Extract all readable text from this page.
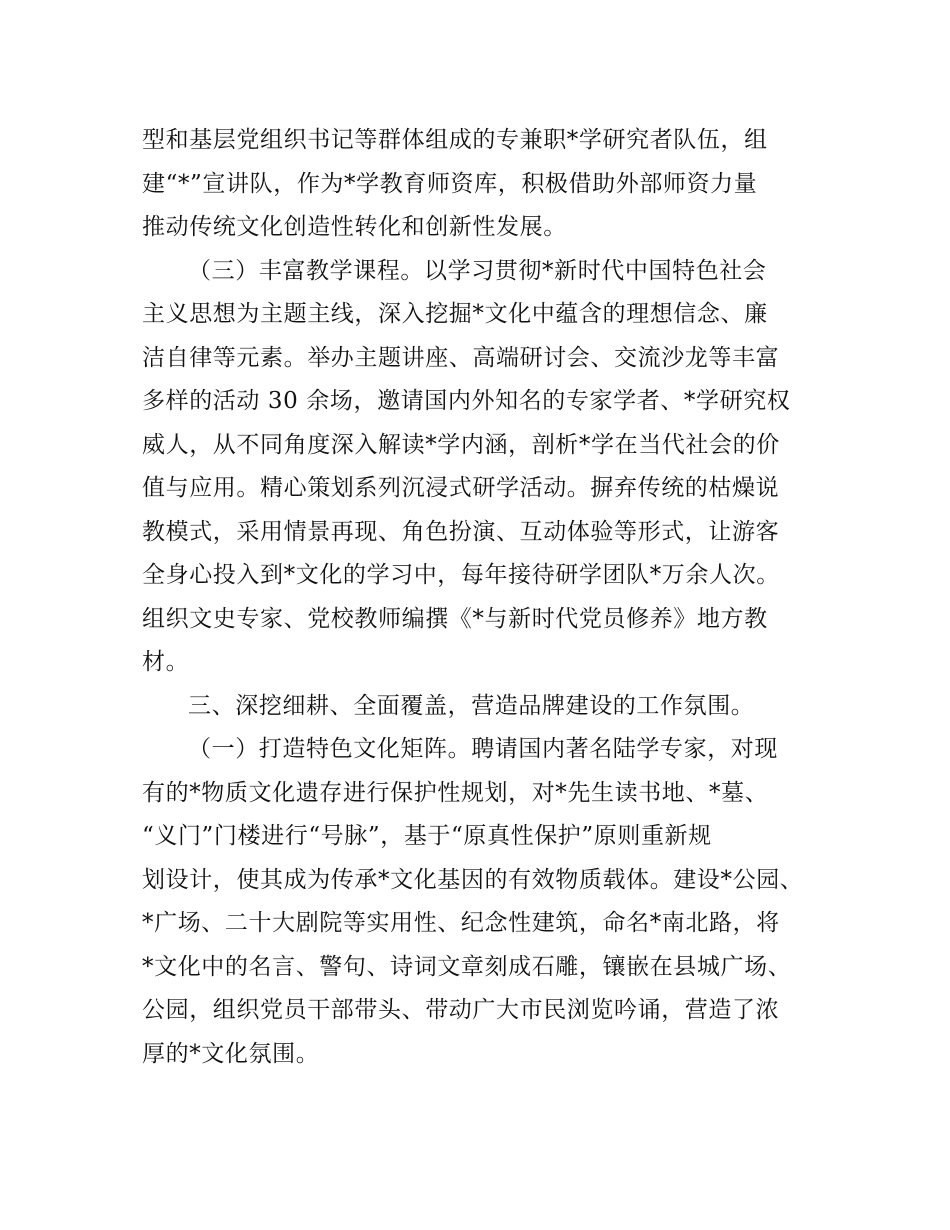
型和基层党组织书记等群体组成的专兼职*学研究者队伍，组
建“*”宣讲队，作为*学教育师资库，积极借助外部师资力量
推动传统文化创造性转化和创新性发展。
（三）丰富教学课程。以学习贯彻*新时代中国特色社会
主义思想为主题主线，深入挖掘*文化中蕴含的理想信念、廉
洁自律等元素。举办主题讲座、高端研讨会、交流沙龙等丰富
多样的活动 30 余场，邀请国内外知名的专家学者、*学研究权
威人，从不同角度深入解读*学内涵，剖析*学在当代社会的价
值与应用。精心策划系列沉浸式研学活动。摒弃传统的枯燥说
教模式，采用情景再现、角色扮演、互动体验等形式，让游客
全身心投入到*文化的学习中，每年接待研学团队*万余人次。
组织文史专家、党校教师编撰《*与新时代党员修养》地方教
材。
三、深挖细耕、全面覆盖，营造品牌建设的工作氛围。
（一）打造特色文化矩阵。聘请国内著名陆学专家，对现
有的*物质文化遗存进行保护性规划，对*先生读书地、*墓、
“义门”门楼进行“号脉”，基于“原真性保护”原则重新规
划设计，使其成为传承*文化基因的有效物质载体。建设*公园、
*广场、二十大剧院等实用性、纪念性建筑，命名*南北路，将
*文化中的名言、警句、诗词文章刻成石雕，镶嵌在县城广场、
公园，组织党员干部带头、带动广大市民浏览吟诵，营造了浓
厚的*文化氛围。
